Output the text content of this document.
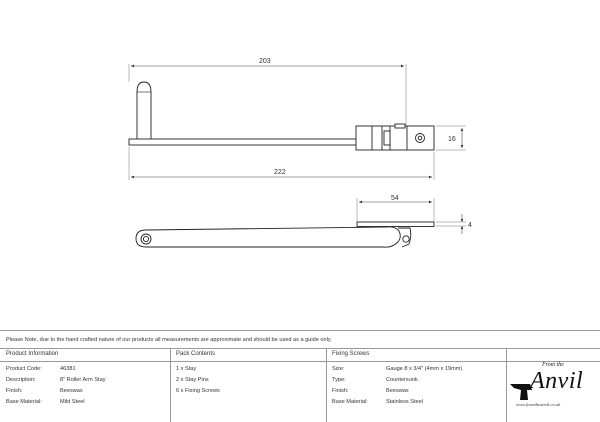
203
16
222
54
4
Please Note, due to the hand crafted nature of our products all measurements are approximate and should be used as a guide only.
Product Information
Product Code:	46381
Description:	8" Roller Arm Stay
Finish:	Beeswax
Base Material:	Mild Steel
Pack Contents
1 x Stay
2 x Stay Pins
6 x Fixing Screws
Fixing Screws
Size:	Gauge 8 x 3/4" (4mm x 19mm)
Type:	Countersunk
Finish:	Beeswax
Base Material:	Stainless Steel
From the
Anvil
www.fromtheanvil.co.uk
